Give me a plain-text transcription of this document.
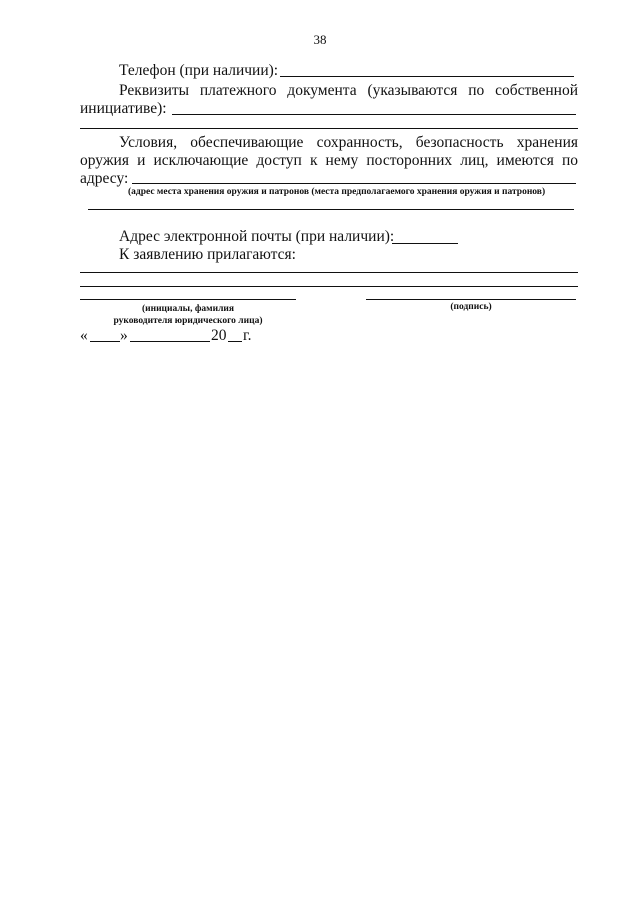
38
Телефон (при наличии):
Реквизиты платежного документа (указываются по собственной
инициативе):
Условия, обеспечивающие сохранность, безопасность хранения
оружия и исключающие доступ к нему посторонних лиц, имеются по
адресу:
(адрес места хранения оружия и патронов (места предполагаемого хранения оружия и патронов)
Адрес электронной почты (при наличии):
К заявлению прилагаются:
(инициалы, фамилия
руководителя юридического лица)
(подпись)
« »	20 г.
